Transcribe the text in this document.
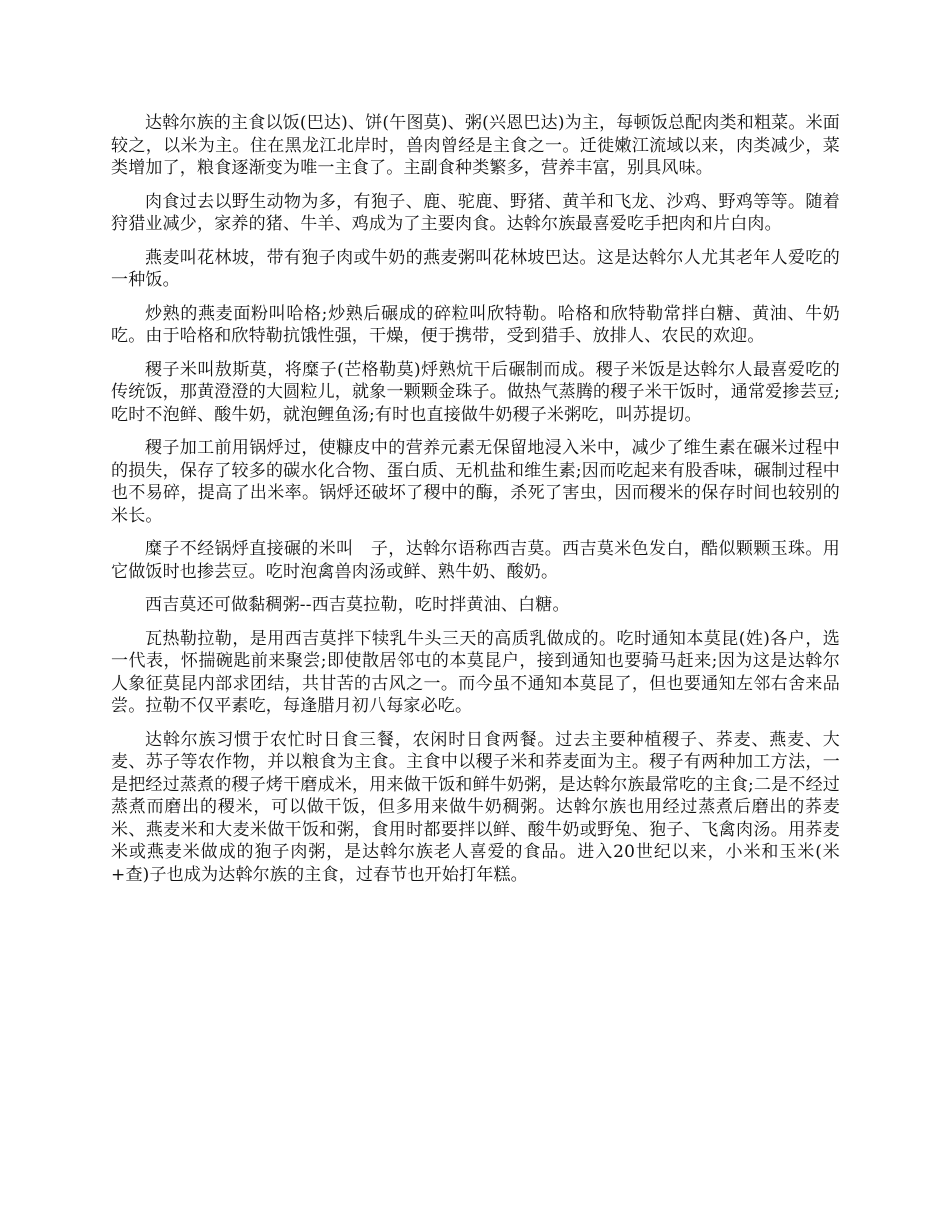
达斡尔族的主食以饭(巴达)、饼(午图莫)、粥(兴恩巴达)为主，每顿饭总配肉类和粗菜。米面较之，以米为主。住在黑龙江北岸时，兽肉曾经是主食之一。迁徙嫩江流域以来，肉类减少，菜类增加了，粮食逐渐变为唯一主食了。主副食种类繁多，营养丰富，别具风味。

肉食过去以野生动物为多，有狍子、鹿、驼鹿、野猪、黄羊和飞龙、沙鸡、野鸡等等。随着狩猎业减少，家养的猪、牛羊、鸡成为了主要肉食。达斡尔族最喜爱吃手把肉和片白肉。

燕麦叫花林坡，带有狍子肉或牛奶的燕麦粥叫花林坡巴达。这是达斡尔人尤其老年人爱吃的一种饭。

炒熟的燕麦面粉叫哈格;炒熟后碾成的碎粒叫欣特勒。哈格和欣特勒常拌白糖、黄油、牛奶吃。由于哈格和欣特勒抗饿性强，干燥，便于携带，受到猎手、放排人、农民的欢迎。

稷子米叫敖斯莫，将糜子(芒格勒莫)烀熟炕干后碾制而成。稷子米饭是达斡尔人最喜爱吃的传统饭，那黄澄澄的大圆粒儿，就象一颗颗金珠子。做热气蒸腾的稷子米干饭时，通常爱掺芸豆;吃时不泡鲜、酸牛奶，就泡鲤鱼汤;有时也直接做牛奶稷子米粥吃，叫苏提切。

稷子加工前用锅烀过，使糠皮中的营养元素无保留地浸入米中，减少了维生素在碾米过程中的损失，保存了较多的碳水化合物、蛋白质、无机盐和维生素;因而吃起来有股香味，碾制过程中也不易碎，提高了出米率。锅烀还破坏了稷中的酶，杀死了害虫，因而稷米的保存时间也较别的米长。

糜子不经锅烀直接碾的米叫　子，达斡尔语称西吉莫。西吉莫米色发白，酷似颗颗玉珠。用它做饭时也掺芸豆。吃时泡禽兽肉汤或鲜、熟牛奶、酸奶。

西吉莫还可做黏稠粥--西吉莫拉勒，吃时拌黄油、白糖。

瓦热勒拉勒，是用西吉莫拌下犊乳牛头三天的高质乳做成的。吃时通知本莫昆(姓)各户，选一代表，怀揣碗匙前来聚尝;即使散居邻屯的本莫昆户，接到通知也要骑马赶来;因为这是达斡尔人象征莫昆内部求团结，共甘苦的古风之一。而今虽不通知本莫昆了，但也要通知左邻右舍来品尝。拉勒不仅平素吃，每逢腊月初八每家必吃。

达斡尔族习惯于农忙时日食三餐，农闲时日食两餐。过去主要种植稷子、荞麦、燕麦、大麦、苏子等农作物，并以粮食为主食。主食中以稷子米和荞麦面为主。稷子有两种加工方法，一是把经过蒸煮的稷子烤干磨成米，用来做干饭和鲜牛奶粥，是达斡尔族最常吃的主食;二是不经过蒸煮而磨出的稷米，可以做干饭，但多用来做牛奶稠粥。达斡尔族也用经过蒸煮后磨出的荞麦米、燕麦米和大麦米做干饭和粥，食用时都要拌以鲜、酸牛奶或野兔、狍子、飞禽肉汤。用荞麦米或燕麦米做成的狍子肉粥，是达斡尔族老人喜爱的食品。进入20世纪以来，小米和玉米(米+查)子也成为达斡尔族的主食，过春节也开始打年糕。
